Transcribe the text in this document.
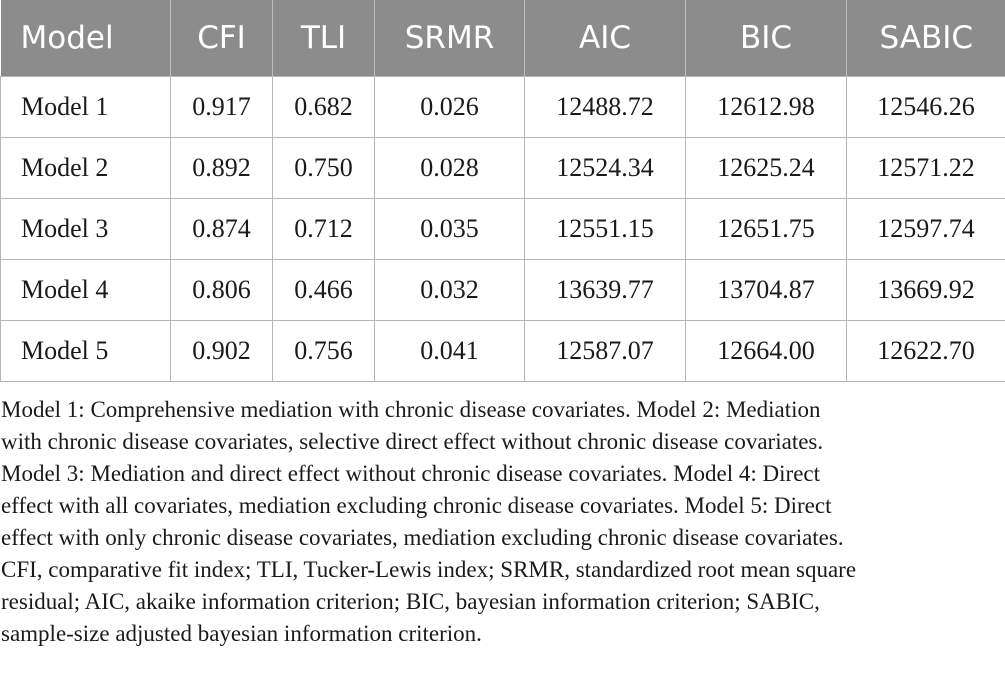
Model	CFI	TLI	SRMR	AIC	BIC	SABIC
Model 1	0.917	0.682	0.026	12488.72	12612.98	12546.26
Model 2	0.892	0.750	0.028	12524.34	12625.24	12571.22
Model 3	0.874	0.712	0.035	12551.15	12651.75	12597.74
Model 4	0.806	0.466	0.032	13639.77	13704.87	13669.92
Model 5	0.902	0.756	0.041	12587.07	12664.00	12622.70

Model 1: Comprehensive mediation with chronic disease covariates. Model 2: Mediation
with chronic disease covariates, selective direct effect without chronic disease covariates.
Model 3: Mediation and direct effect without chronic disease covariates. Model 4: Direct
effect with all covariates, mediation excluding chronic disease covariates. Model 5: Direct
effect with only chronic disease covariates, mediation excluding chronic disease covariates.
CFI, comparative fit index; TLI, Tucker-Lewis index; SRMR, standardized root mean square
residual; AIC, akaike information criterion; BIC, bayesian information criterion; SABIC,
sample-size adjusted bayesian information criterion.
